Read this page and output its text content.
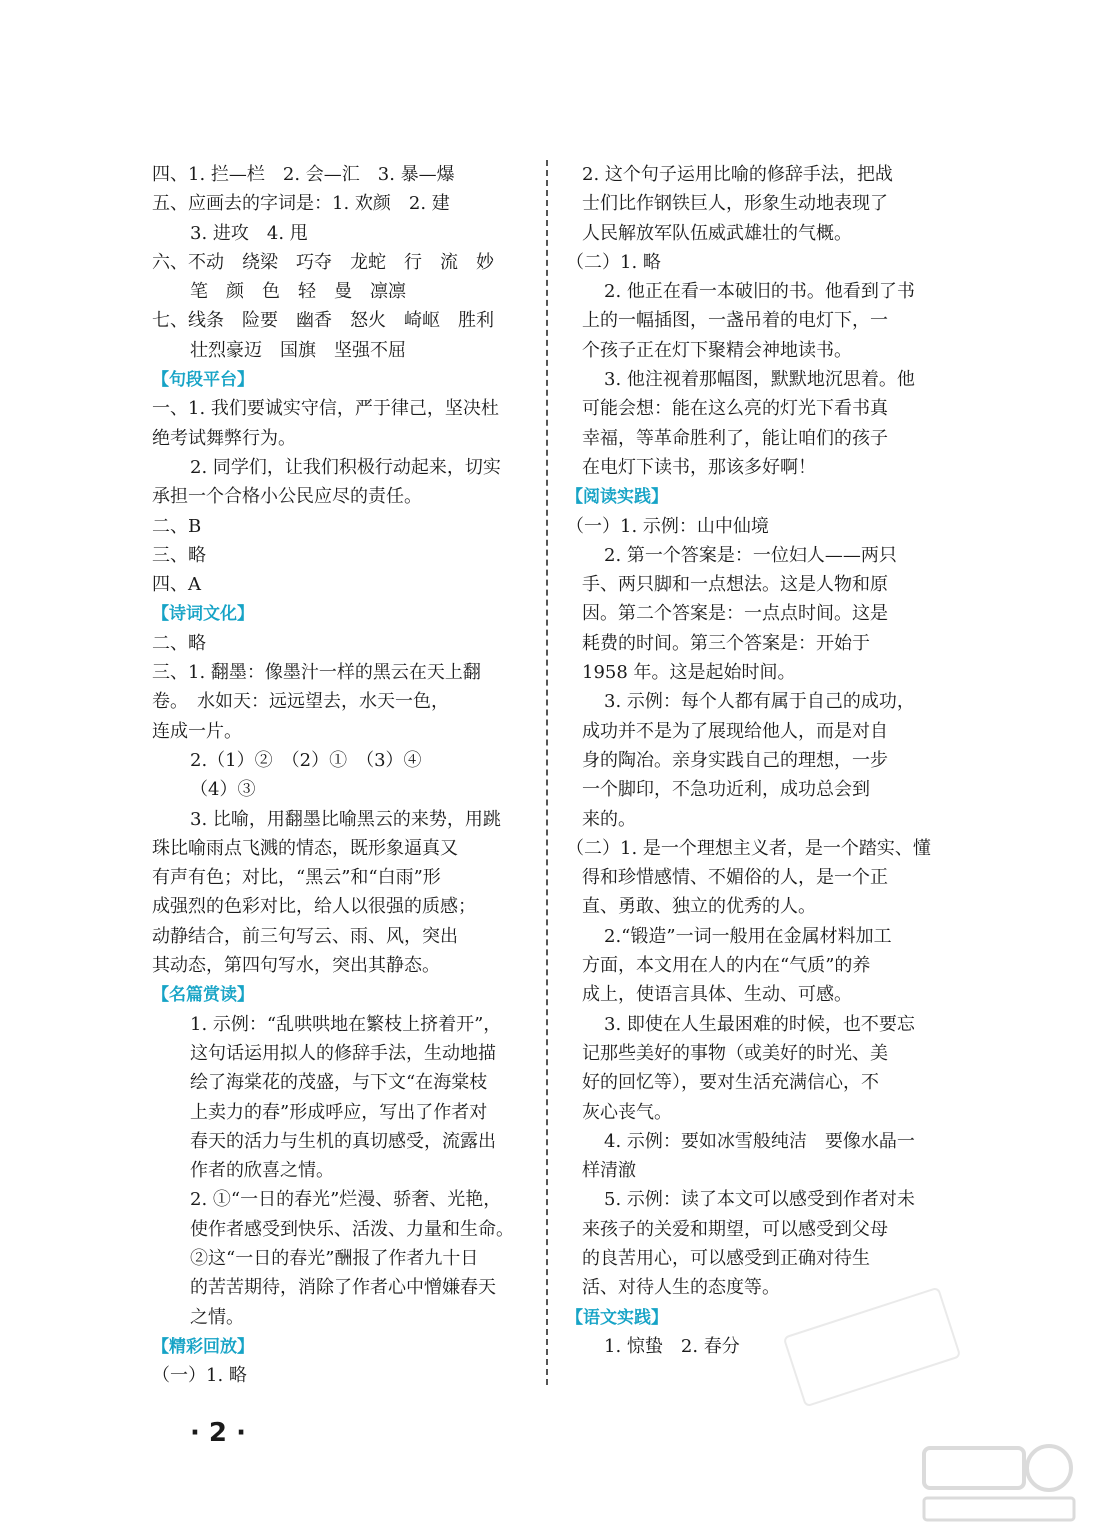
四、1. 拦—栏　2. 会—汇　3. 暴—爆
五、应画去的字词是：1. 欢颜　2. 建
3. 进攻　4. 甩
六、不动　绕梁　巧夺　龙蛇　行　流　妙
笔　颜　色　轻　曼　凛凛
七、线条　险要　幽香　怒火　崎岖　胜利
壮烈豪迈　国旗　坚强不屈
【句段平台】
一、1. 我们要诚实守信，严于律己，坚决杜
绝考试舞弊行为。
2. 同学们，让我们积极行动起来，切实
承担一个合格小公民应尽的责任。
二、B
三、略
四、A
【诗词文化】
二、略
三、1. 翻墨：像墨汁一样的黑云在天上翻
卷。　水如天：远远望去，水天一色，
连成一片。
2.（1）②　（2）①　（3）④
（4）③
3. 比喻，用翻墨比喻黑云的来势，用跳
珠比喻雨点飞溅的情态，既形象逼真又
有声有色；对比，“黑云”和“白雨”形
成强烈的色彩对比，给人以很强的质感；
动静结合，前三句写云、雨、风，突出
其动态，第四句写水，突出其静态。
【名篇赏读】
1. 示例：“乱哄哄地在繁枝上挤着开”，
这句话运用拟人的修辞手法，生动地描
绘了海棠花的茂盛，与下文“在海棠枝
上卖力的春”形成呼应，写出了作者对
春天的活力与生机的真切感受，流露出
作者的欣喜之情。
2. ①“一日的春光”烂漫、骄奢、光艳，
使作者感受到快乐、活泼、力量和生命。
②这“一日的春光”酬报了作者九十日
的苦苦期待，消除了作者心中憎嫌春天
之情。
【精彩回放】
（一）1. 略
2. 这个句子运用比喻的修辞手法，把战
士们比作钢铁巨人，形象生动地表现了
人民解放军队伍威武雄壮的气概。
（二）1. 略
2. 他正在看一本破旧的书。他看到了书
上的一幅插图，一盏吊着的电灯下，一
个孩子正在灯下聚精会神地读书。
3. 他注视着那幅图，默默地沉思着。他
可能会想：能在这么亮的灯光下看书真
幸福，等革命胜利了，能让咱们的孩子
在电灯下读书，那该多好啊！
【阅读实践】
（一）1. 示例：山中仙境
2. 第一个答案是：一位妇人——两只
手、两只脚和一点想法。这是人物和原
因。第二个答案是：一点点时间。这是
耗费的时间。第三个答案是：开始于
1958 年。这是起始时间。
3. 示例：每个人都有属于自己的成功，
成功并不是为了展现给他人，而是对自
身的陶冶。亲身实践自己的理想，一步
一个脚印，不急功近利，成功总会到
来的。
（二）1. 是一个理想主义者，是一个踏实、懂
得和珍惜感情、不媚俗的人，是一个正
直、勇敢、独立的优秀的人。
2.“锻造”一词一般用在金属材料加工
方面，本文用在人的内在“气质”的养
成上，使语言具体、生动、可感。
3. 即使在人生最困难的时候，也不要忘
记那些美好的事物（或美好的时光、美
好的回忆等），要对生活充满信心，不
灰心丧气。
4. 示例：要如冰雪般纯洁　要像水晶一
样清澈
5. 示例：读了本文可以感受到作者对未
来孩子的关爱和期望，可以感受到父母
的良苦用心，可以感受到正确对待生
活、对待人生的态度等。
【语文实践】
1. 惊蛰　2. 春分
· 2 ·
